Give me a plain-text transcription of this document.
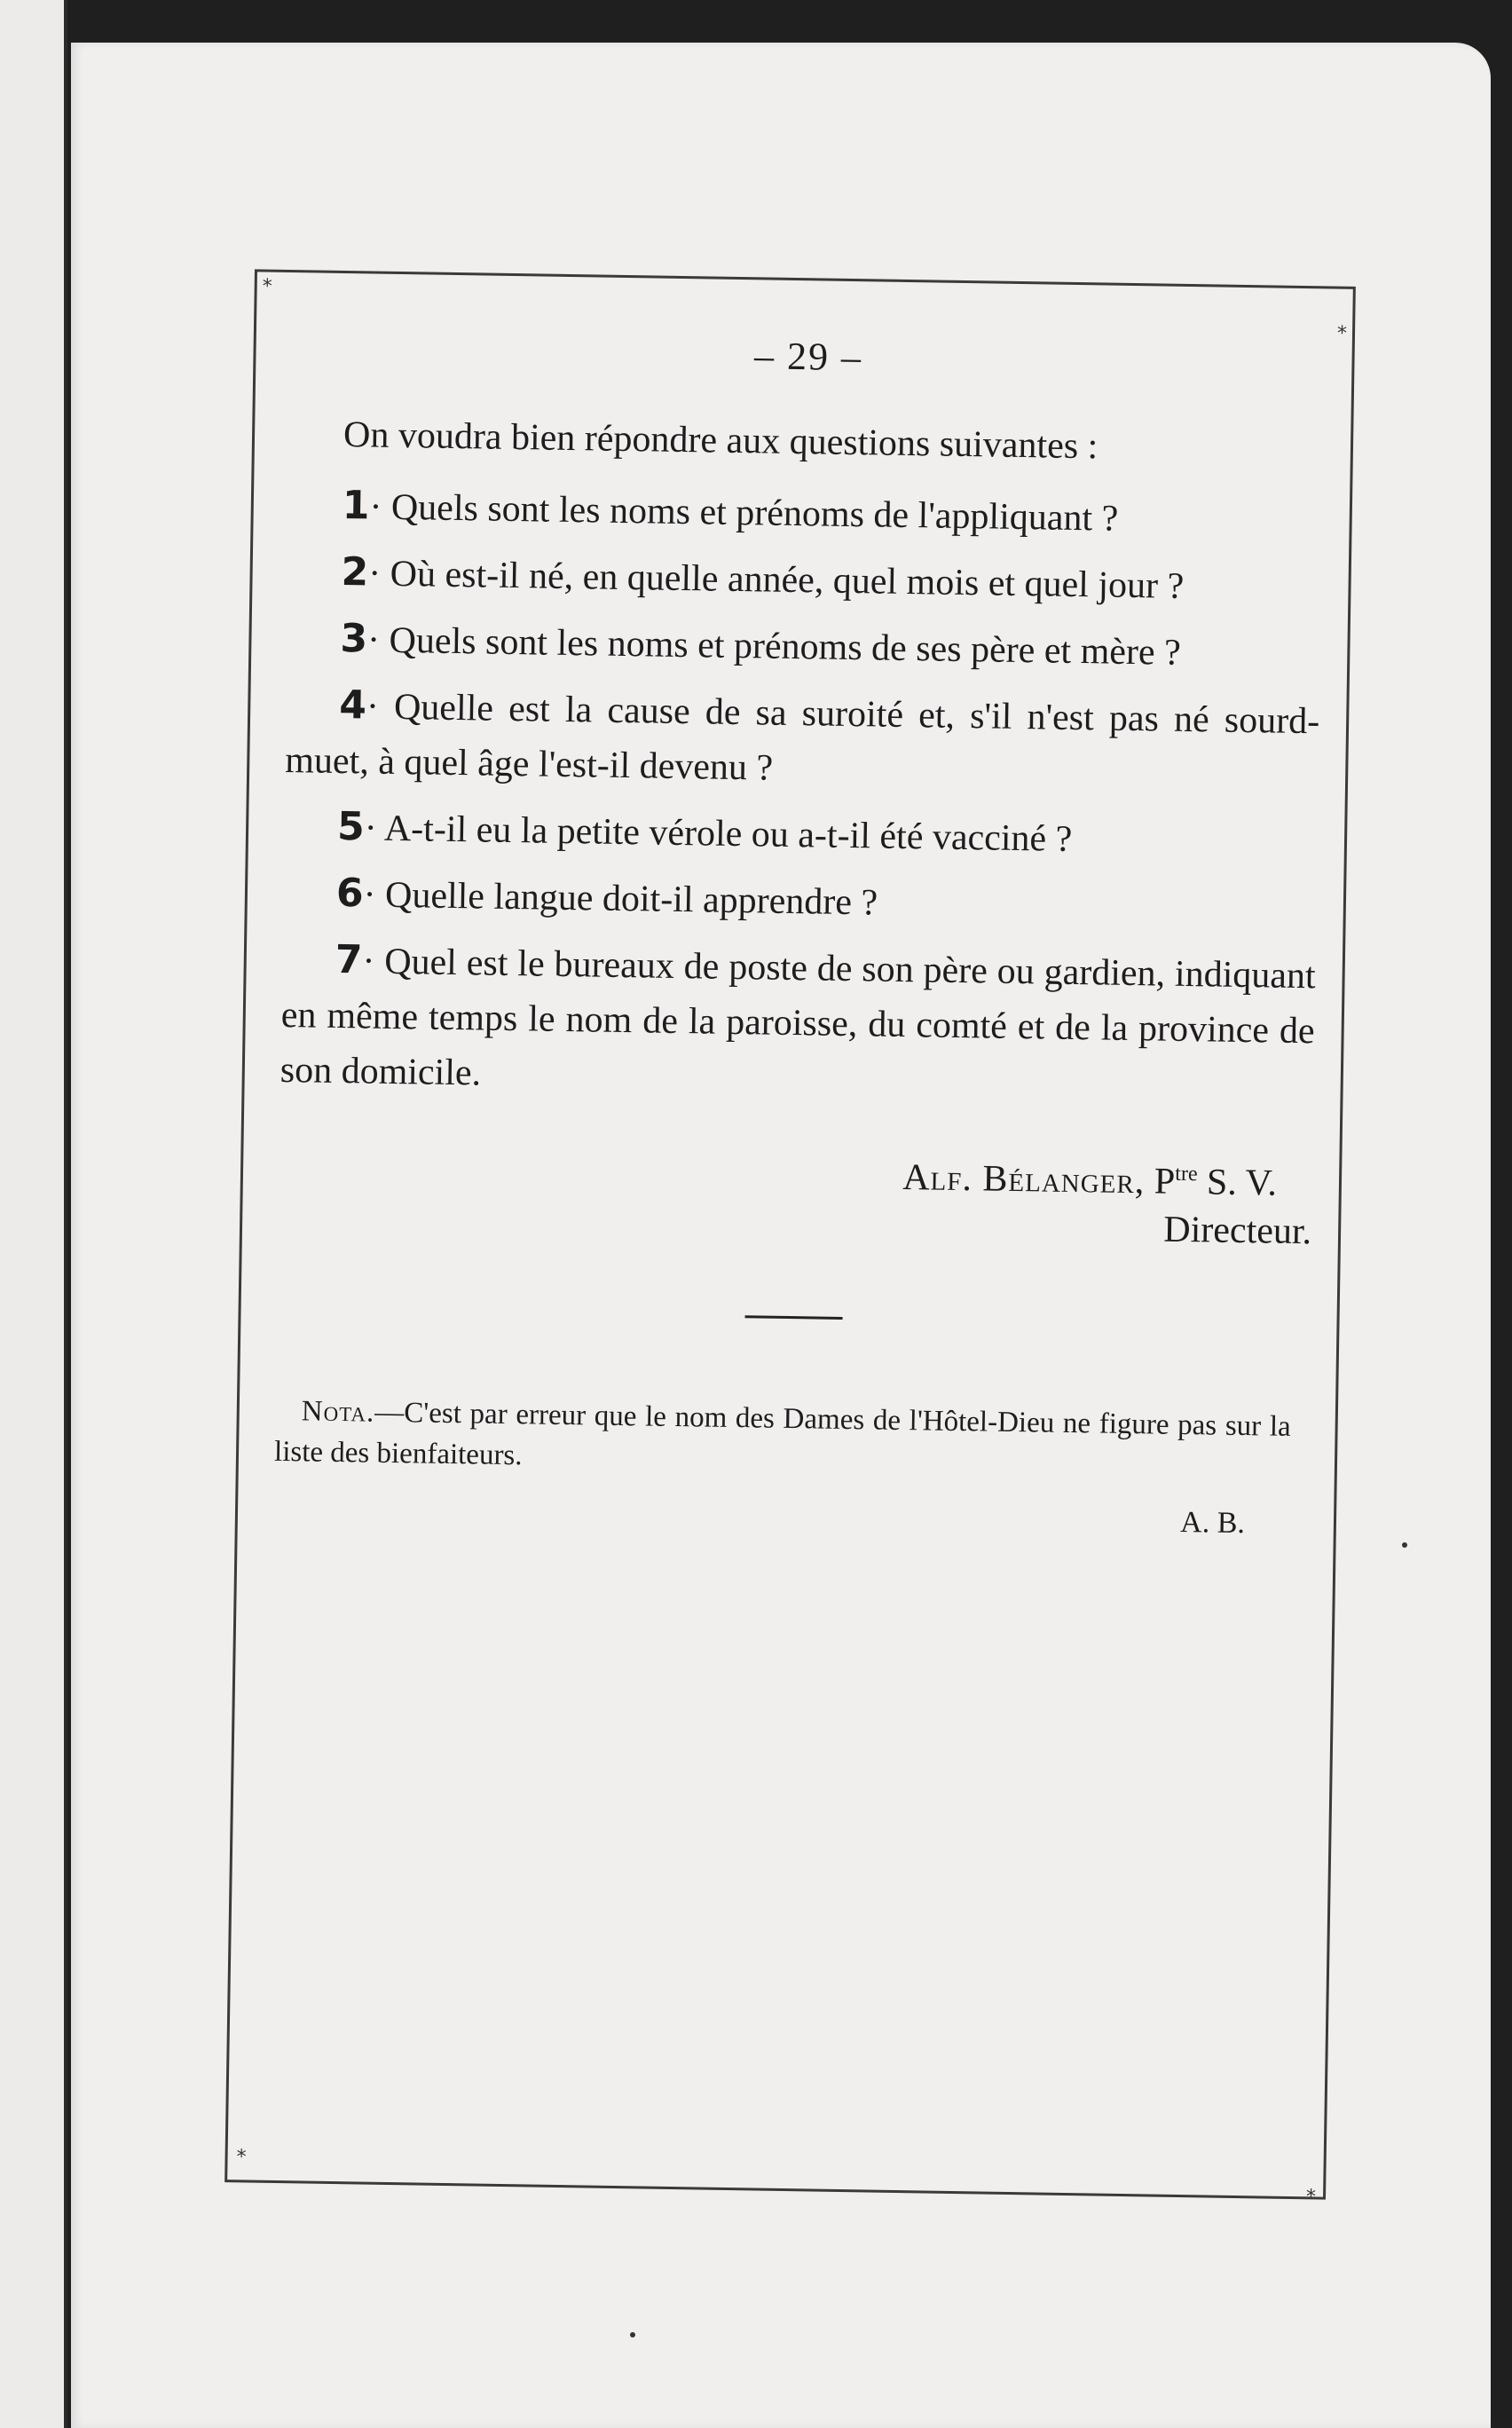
*
*
*
*
– 29 –

On voudra bien répondre aux questions suivantes :

1· Quels sont les noms et prénoms de l'appliquant ?

2· Où est-il né, en quelle année, quel mois et quel jour ?

3· Quels sont les noms et prénoms de ses père et mère ?

4· Quelle est la cause de sa suroité et, s'il n'est pas né sourd-muet, à quel âge l'est-il devenu ?

5· A-t-il eu la petite vérole ou a-t-il été vacciné ?

6· Quelle langue doit-il apprendre ?

7· Quel est le bureaux de poste de son père ou gardien, indiquant en même temps le nom de la paroisse, du comté et de la province de son domicile.

Alf. Bélanger, $P^{tre}$ S. V.
Directeur.

Nota.—C'est par erreur que le nom des Dames de l'Hôtel-Dieu ne figure pas sur la liste des bienfaiteurs.

A. B.
